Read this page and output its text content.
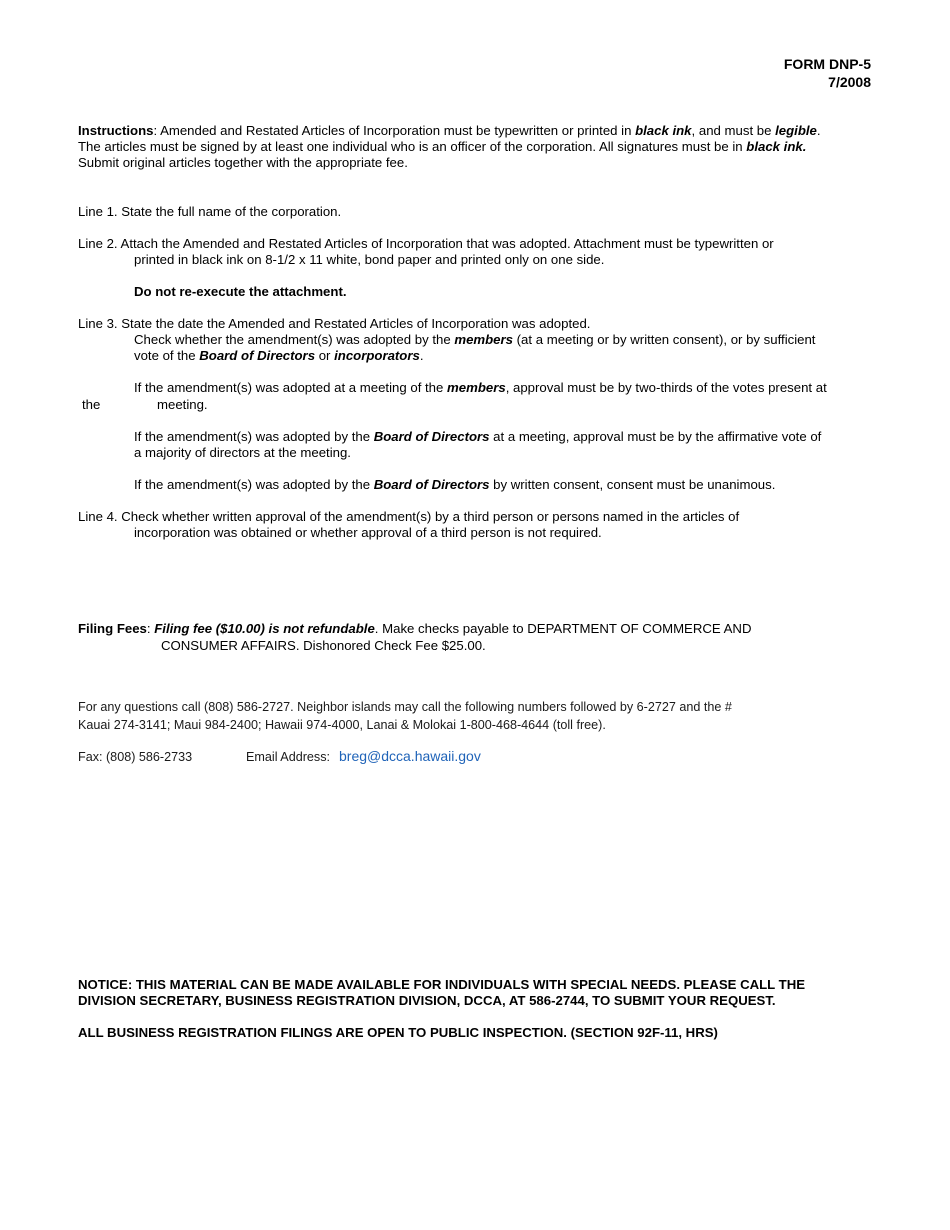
FORM DNP-5
7/2008
Instructions: Amended and Restated Articles of Incorporation must be typewritten or printed in black ink, and must be legible.
The articles must be signed by at least one individual who is an officer of the corporation. All signatures must be in black ink.
Submit original articles together with the appropriate fee.
Line 1. State the full name of the corporation.
Line 2. Attach the Amended and Restated Articles of Incorporation that was adopted. Attachment must be typewritten or
printed in black ink on 8-1/2 x 11 white, bond paper and printed only on one side.
Do not re-execute the attachment.
Line 3. State the date the Amended and Restated Articles of Incorporation was adopted.
Check whether the amendment(s) was adopted by the members (at a meeting or by written consent), or by sufficient
vote of the Board of Directors or incorporators.
If the amendment(s) was adopted at a meeting of the members, approval must be by two-thirds of the votes present at
the	meeting.
If the amendment(s) was adopted by the Board of Directors at a meeting, approval must be by the affirmative vote of
a majority of directors at the meeting.
If the amendment(s) was adopted by the Board of Directors by written consent, consent must be unanimous.
Line 4. Check whether written approval of the amendment(s) by a third person or persons named in the articles of
incorporation was obtained or whether approval of a third person is not required.
Filing Fees: Filing fee ($10.00) is not refundable. Make checks payable to DEPARTMENT OF COMMERCE AND
CONSUMER AFFAIRS. Dishonored Check Fee $25.00.
For any questions call (808) 586-2727. Neighbor islands may call the following numbers followed by 6-2727 and the #
Kauai 274-3141; Maui 984-2400; Hawaii 974-4000, Lanai & Molokai 1-800-468-4644 (toll free).
Fax: (808) 586-2733	Email Address: breg@dcca.hawaii.gov
NOTICE: THIS MATERIAL CAN BE MADE AVAILABLE FOR INDIVIDUALS WITH SPECIAL NEEDS. PLEASE CALL THE
DIVISION SECRETARY, BUSINESS REGISTRATION DIVISION, DCCA, AT 586-2744, TO SUBMIT YOUR REQUEST.
ALL BUSINESS REGISTRATION FILINGS ARE OPEN TO PUBLIC INSPECTION. (SECTION 92F-11, HRS)
